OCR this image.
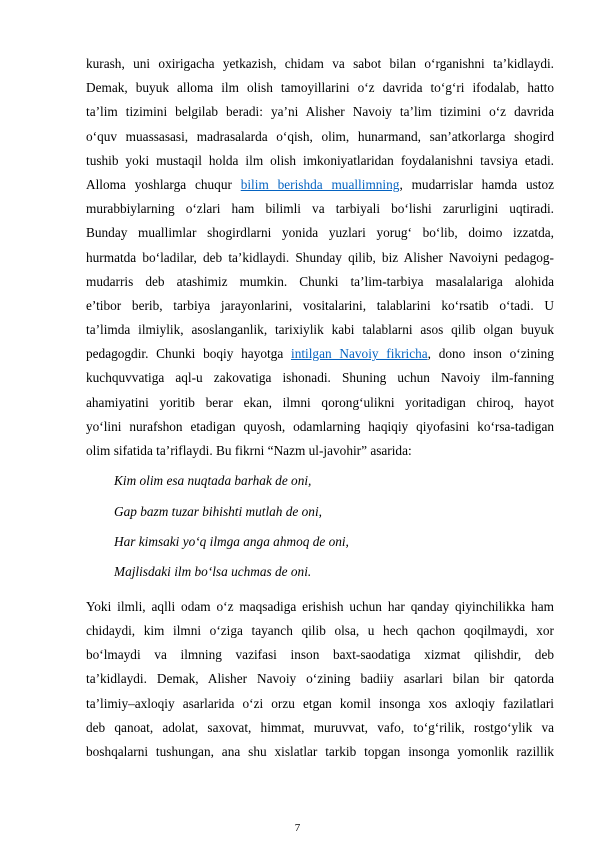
kurash, uni oxirigacha yetkazish, chidam va sabot bilan o‘rganishni ta’kidlaydi.
Demak, buyuk alloma ilm olish tamoyillarini o‘z davrida to‘g‘ri ifodalab, hatto
ta’lim tizimini belgilab beradi: ya’ni Alisher Navoiy ta’lim tizimini o‘z davrida
o‘quv muassasasi, madrasalarda o‘qish, olim, hunarmand, san’atkorlarga shogird
tushib yoki mustaqil holda ilm olish imkoniyatlaridan foydalanishni tavsiya etadi.
Alloma yoshlarga chuqur bilim berishda muallimning, mudarrislar hamda ustoz
murabbiylarning o‘zlari ham bilimli va tarbiyali bo‘lishi zarurligini uqtiradi.
Bunday muallimlar shogirdlarni yonida yuzlari yorug‘ bo‘lib, doimo izzatda,
hurmatda bo‘ladilar, deb ta’kidlaydi. Shunday qilib, biz Alisher Navoiyni pedagog-
mudarris deb atashimiz mumkin. Chunki ta’lim-tarbiya masalalariga alohida
e’tibor berib, tarbiya jarayonlarini, vositalarini, talablarini ko‘rsatib o‘tadi. U
ta’limda ilmiylik, asoslanganlik, tarixiylik kabi talablarni asos qilib olgan buyuk
pedagogdir. Chunki boqiy hayotga intilgan Navoiy fikricha, dono inson o‘zining
kuchquvvatiga aql-u zakovatiga ishonadi. Shuning uchun Navoiy ilm-fanning
ahamiyatini yoritib berar ekan, ilmni qorong‘ulikni yoritadigan chiroq, hayot
yo‘lini nurafshon etadigan quyosh, odamlarning haqiqiy qiyofasini ko‘rsa-tadigan
olim sifatida ta’riflaydi. Bu fikrni “Nazm ul-javohir” asarida:

Kim olim esa nuqtada barhak de oni,
Gap bazm tuzar bihishti mutlah de oni,
Har kimsaki yo‘q ilmga anga ahmoq de oni,
Majlisdaki ilm bo‘lsa uchmas de oni.

Yoki ilmli, aqlli odam o‘z maqsadiga erishish uchun har qanday qiyinchilikka ham
chidaydi, kim ilmni o‘ziga tayanch qilib olsa, u hech qachon qoqilmaydi, xor
bo‘lmaydi va ilmning vazifasi inson baxt-saodatiga xizmat qilishdir, deb
ta’kidlaydi. Demak, Alisher Navoiy o‘zining badiiy asarlari bilan bir qatorda
ta’limiy–axloqiy asarlarida o‘zi orzu etgan komil insonga xos axloqiy fazilatlari
deb qanoat, adolat, saxovat, himmat, muruvvat, vafo, to‘g‘rilik, rostgo‘ylik va
boshqalarni tushungan, ana shu xislatlar tarkib topgan insonga yomonlik razillik

7
